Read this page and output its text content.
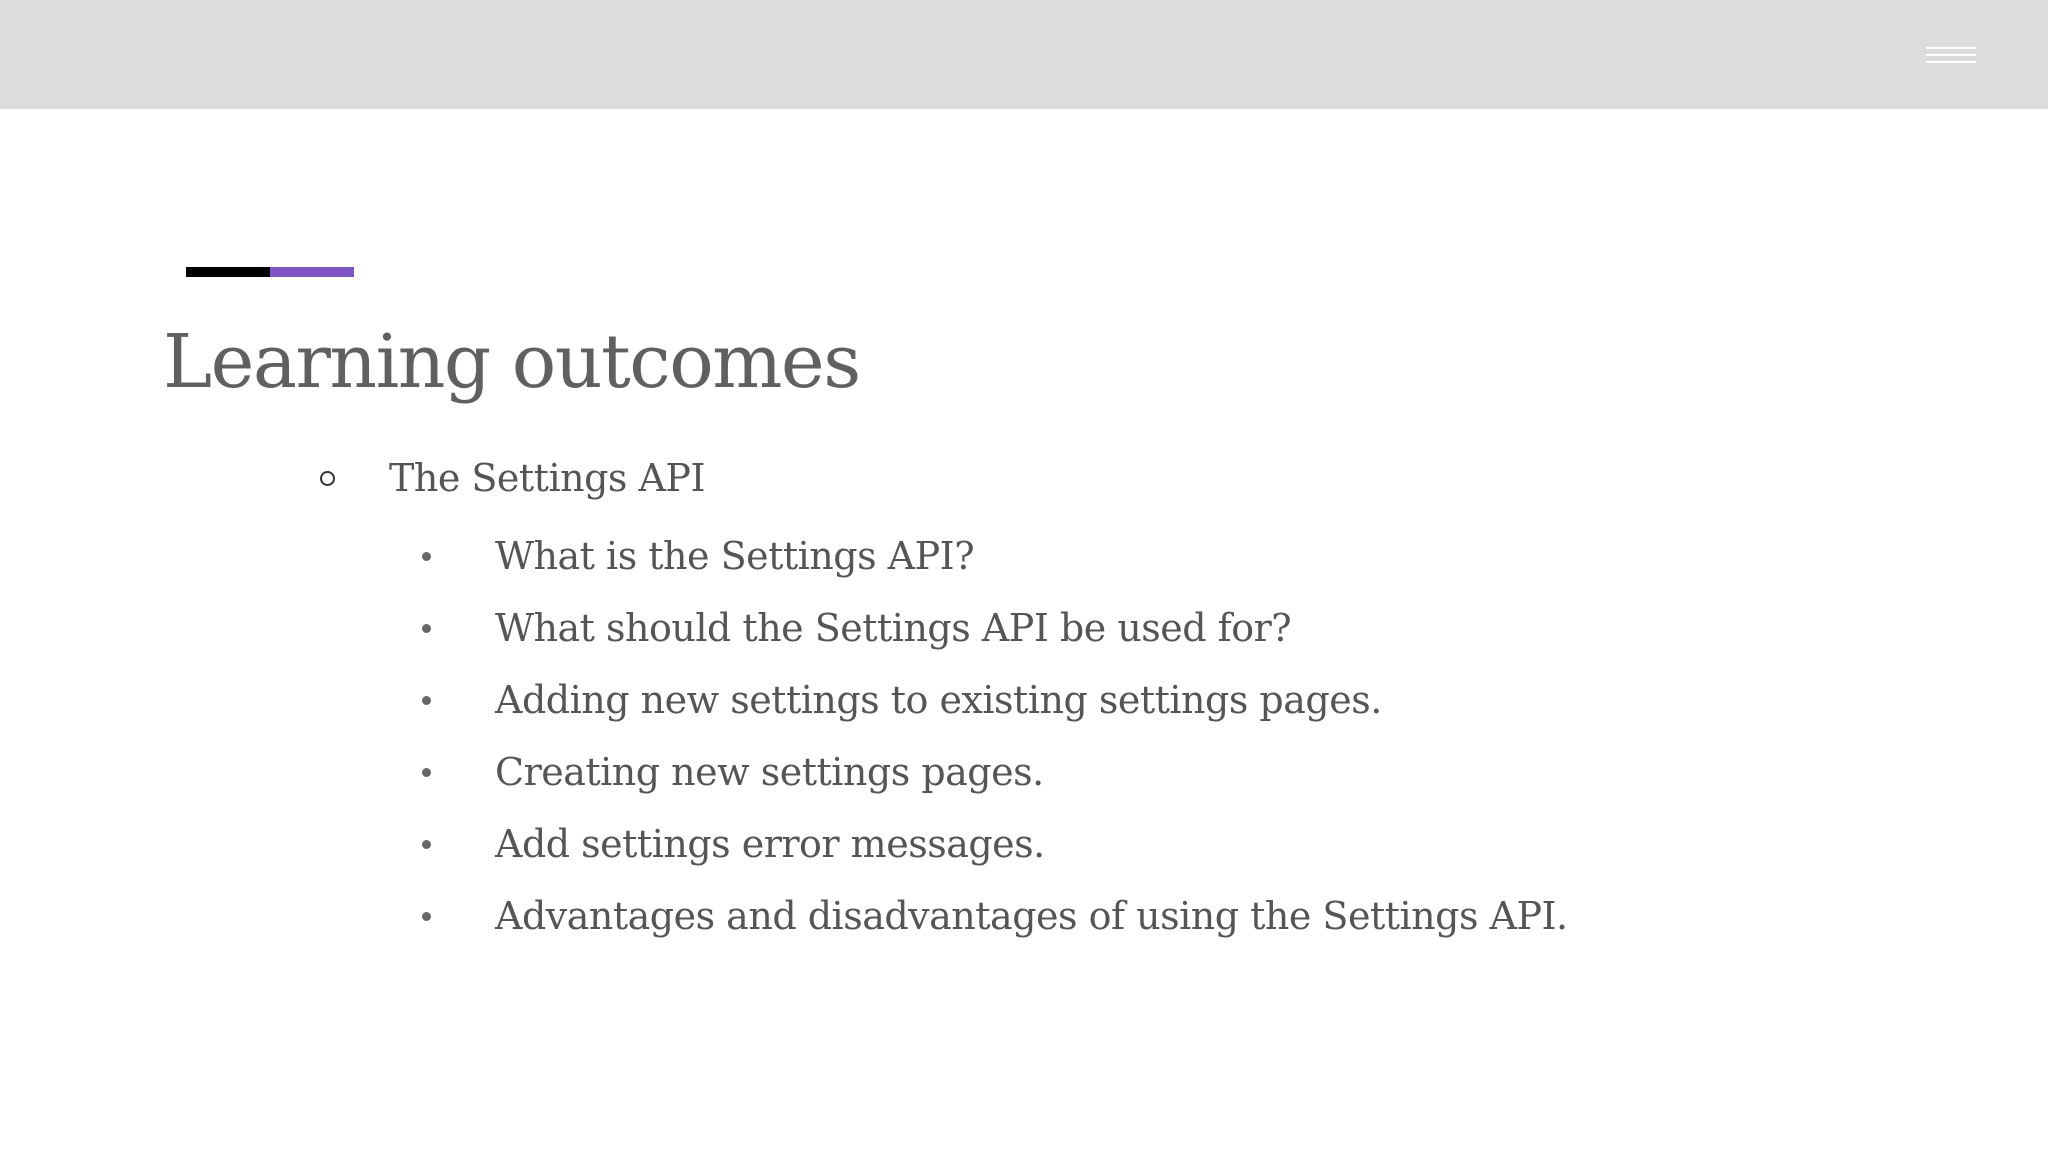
Learning outcomes
The Settings API
What is the Settings API?
What should the Settings API be used for?
Adding new settings to existing settings pages.
Creating new settings pages.
Add settings error messages.
Advantages and disadvantages of using the Settings API.
